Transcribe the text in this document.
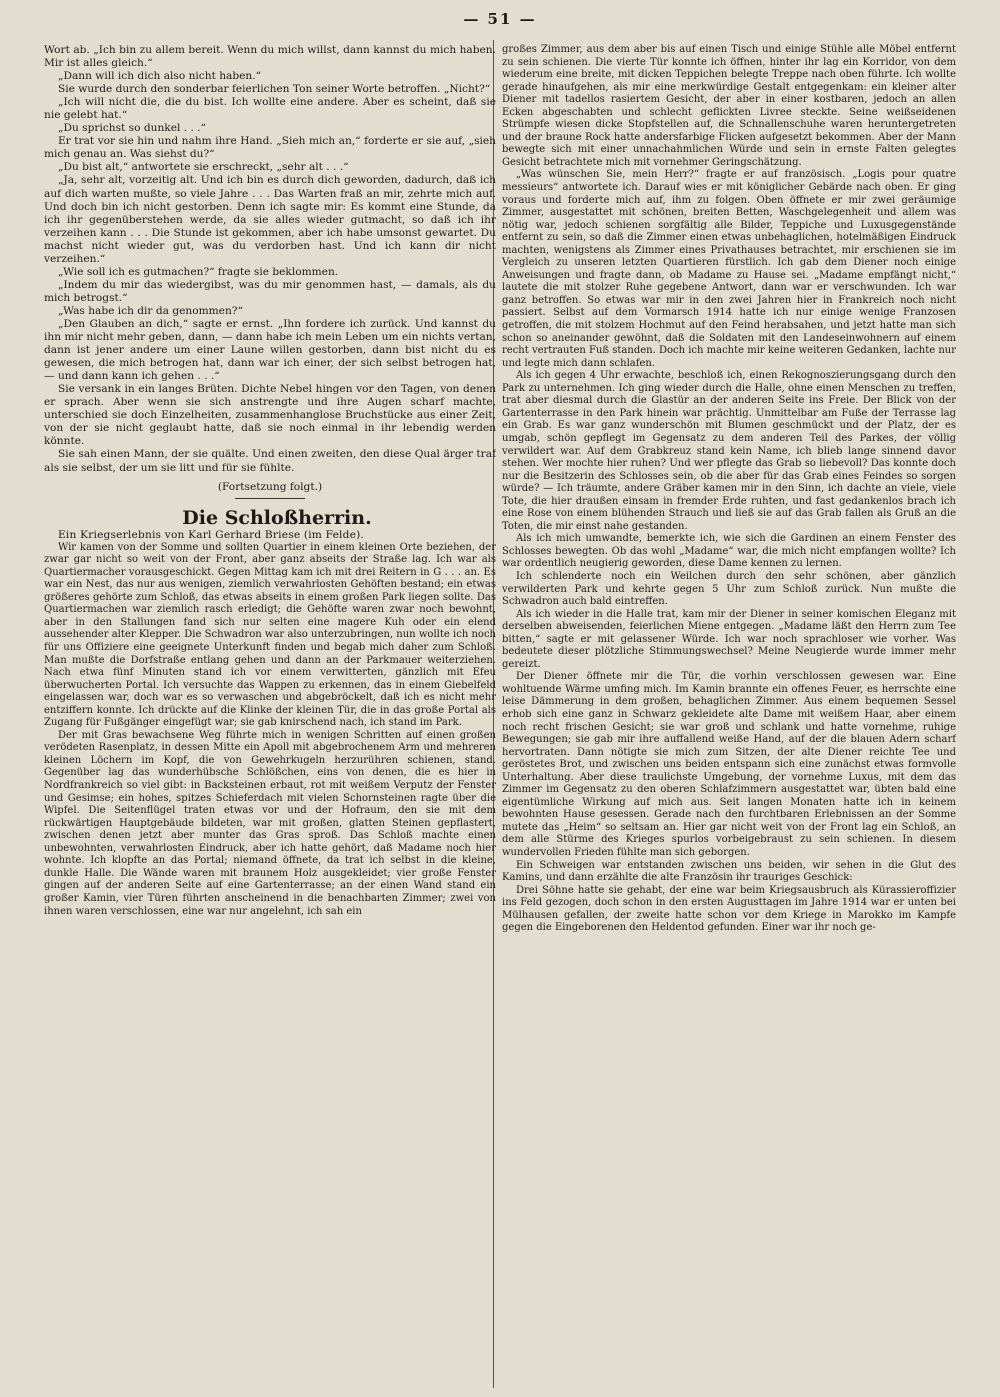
— 51 —

Wort ab. „Ich bin zu allem bereit. Wenn du mich willst, dann kannst du mich haben. Mir ist alles gleich.“

„Dann will ich dich also nicht haben.“

Sie wurde durch den sonderbar feierlichen Ton seiner Worte betroffen. „Nicht?“

„Ich will nicht die, die du bist. Ich wollte eine andere. Aber es scheint, daß sie nie gelebt hat.“

„Du sprichst so dunkel . . .“

Er trat vor sie hin und nahm ihre Hand. „Sieh mich an,“ forderte er sie auf, „sieh mich genau an. Was siehst du?“

„Du bist alt,“ antwortete sie erschreckt, „sehr alt . . .“

„Ja, sehr alt, vorzeitig alt. Und ich bin es durch dich geworden, dadurch, daß ich auf dich warten mußte, so viele Jahre . . . Das Warten fraß an mir, zehrte mich auf. Und doch bin ich nicht gestorben. Denn ich sagte mir: Es kommt eine Stunde, da ich ihr gegenüberstehen werde, da sie alles wieder gutmacht, so daß ich ihr verzeihen kann . . . Die Stunde ist gekommen, aber ich habe umsonst gewartet. Du machst nicht wieder gut, was du verdorben hast. Und ich kann dir nicht verzeihen.“

„Wie soll ich es gutmachen?“ fragte sie beklommen.

„Indem du mir das wiedergibst, was du mir genommen hast, — damals, als du mich betrogst.“

„Was habe ich dir da genommen?“

„Den Glauben an dich,“ sagte er ernst. „Ihn fordere ich zurück. Und kannst du ihn mir nicht mehr geben, dann, — dann habe ich mein Leben um ein nichts vertan, dann ist jener andere um einer Laune willen gestorben, dann bist nicht du es gewesen, die mich betrogen hat, dann war ich einer, der sich selbst betrogen hat, — und dann kann ich gehen . . .“

Sie versank in ein langes Brüten. Dichte Nebel hingen vor den Tagen, von denen er sprach. Aber wenn sie sich anstrengte und ihre Augen scharf machte, unterschied sie doch Einzelheiten, zusammenhanglose Bruchstücke aus einer Zeit, von der sie nicht geglaubt hatte, daß sie noch einmal in ihr lebendig werden könnte.

Sie sah einen Mann, der sie quälte. Und einen zweiten, den diese Qual ärger traf als sie selbst, der um sie litt und für sie fühlte.

(Fortsetzung folgt.)

Die Schloßherrin.

Ein Kriegserlebnis von Karl Gerhard Briese (im Felde).

Wir kamen von der Somme und sollten Quartier in einem kleinen Orte beziehen, der zwar gar nicht so weit von der Front, aber ganz abseits der Straße lag. Ich war als Quartiermacher vorausgeschickt. Gegen Mittag kam ich mit drei Reitern in G . . . an. Es war ein Nest, das nur aus wenigen, ziemlich verwahrlosten Gehöften bestand; ein etwas größeres gehörte zum Schloß, das etwas abseits in einem großen Park liegen sollte. Das Quartiermachen war ziemlich rasch erledigt; die Gehöfte waren zwar noch bewohnt, aber in den Stallungen fand sich nur selten eine magere Kuh oder ein elend aussehender alter Klepper. Die Schwadron war also unterzubringen, nun wollte ich noch für uns Offiziere eine geeignete Unterkunft finden und begab mich daher zum Schloß. Man mußte die Dorfstraße entlang gehen und dann an der Parkmauer weiterziehen. Nach etwa fünf Minuten stand ich vor einem verwitterten, gänzlich mit Efeu überwucherten Portal. Ich versuchte das Wappen zu erkennen, das in einem Giebelfeld eingelassen war, doch war es so verwaschen und abgebröckelt, daß ich es nicht mehr entziffern konnte. Ich drückte auf die Klinke der kleinen Tür, die in das große Portal als Zugang für Fußgänger eingefügt war; sie gab knirschend nach, ich stand im Park.

Der mit Gras bewachsene Weg führte mich in wenigen Schritten auf einen großen verödeten Rasenplatz, in dessen Mitte ein Apoll mit abgebrochenem Arm und mehreren kleinen Löchern im Kopf, die von Gewehrkugeln herzurühren schienen, stand. Gegenüber lag das wunderhübsche Schlößchen, eins von denen, die es hier in Nordfrankreich so viel gibt: in Backsteinen erbaut, rot mit weißem Verputz der Fenster und Gesimse; ein hohes, spitzes Schieferdach mit vielen Schornsteinen ragte über die Wipfel. Die Seitenflügel traten etwas vor und der Hofraum, den sie mit dem rückwärtigen Hauptgebäude bildeten, war mit großen, glatten Steinen gepflastert, zwischen denen jetzt aber munter das Gras sproß. Das Schloß machte einen unbewohnten, verwahrlosten Eindruck, aber ich hatte gehört, daß Madame noch hier wohnte. Ich klopfte an das Portal; niemand öffnete, da trat ich selbst in die kleine, dunkle Halle. Die Wände waren mit braunem Holz ausgekleidet; vier große Fenster gingen auf der anderen Seite auf eine Gartenterrasse; an der einen Wand stand ein großer Kamin, vier Türen führten anscheinend in die benachbarten Zimmer; zwei von ihnen waren verschlossen, eine war nur angelehnt, ich sah ein

großes Zimmer, aus dem aber bis auf einen Tisch und einige Stühle alle Möbel entfernt zu sein schienen. Die vierte Tür konnte ich öffnen, hinter ihr lag ein Korridor, von dem wiederum eine breite, mit dicken Teppichen belegte Treppe nach oben führte. Ich wollte gerade hinaufgehen, als mir eine merkwürdige Gestalt entgegenkam: ein kleiner alter Diener mit tadellos rasiertem Gesicht, der aber in einer kostbaren, jedoch an allen Ecken abgeschabten und schlecht geflickten Livree steckte. Seine weißseidenen Strümpfe wiesen dicke Stopfstellen auf, die Schnallenschuhe waren heruntergetreten und der braune Rock hatte andersfarbige Flicken aufgesetzt bekommen. Aber der Mann bewegte sich mit einer unnachahmlichen Würde und sein in ernste Falten gelegtes Gesicht betrachtete mich mit vornehmer Geringschätzung.

„Was wünschen Sie, mein Herr?“ fragte er auf französisch. „Logis pour quatre messieurs“ antwortete ich. Darauf wies er mit königlicher Gebärde nach oben. Er ging voraus und forderte mich auf, ihm zu folgen. Oben öffnete er mir zwei geräumige Zimmer, ausgestattet mit schönen, breiten Betten, Waschgelegenheit und allem was nötig war, jedoch schienen sorgfältig alle Bilder, Teppiche und Luxusgegenstände entfernt zu sein, so daß die Zimmer einen etwas unbehaglichen, hotelmäßigen Eindruck machten, wenigstens als Zimmer eines Privathauses betrachtet, mir erschienen sie im Vergleich zu unseren letzten Quartieren fürstlich. Ich gab dem Diener noch einige Anweisungen und fragte dann, ob Madame zu Hause sei. „Madame empfängt nicht,“ lautete die mit stolzer Ruhe gegebene Antwort, dann war er verschwunden. Ich war ganz betroffen. So etwas war mir in den zwei Jahren hier in Frankreich noch nicht passiert. Selbst auf dem Vormarsch 1914 hatte ich nur einige wenige Franzosen getroffen, die mit stolzem Hochmut auf den Feind herabsahen, und jetzt hatte man sich schon so aneinander gewöhnt, daß die Soldaten mit den Landeseinwohnern auf einem recht vertrauten Fuß standen. Doch ich machte mir keine weiteren Gedanken, lachte nur und legte mich dann schlafen.

Als ich gegen 4 Uhr erwachte, beschloß ich, einen Rekognoszierungsgang durch den Park zu unternehmen. Ich ging wieder durch die Halle, ohne einen Menschen zu treffen, trat aber diesmal durch die Glastür an der anderen Seite ins Freie. Der Blick von der Gartenterrasse in den Park hinein war prächtig. Unmittelbar am Fuße der Terrasse lag ein Grab. Es war ganz wunderschön mit Blumen geschmückt und der Platz, der es umgab, schön gepflegt im Gegensatz zu dem anderen Teil des Parkes, der völlig verwildert war. Auf dem Grabkreuz stand kein Name, ich blieb lange sinnend davor stehen. Wer mochte hier ruhen? Und wer pflegte das Grab so liebevoll? Das konnte doch nur die Besitzerin des Schlosses sein, ob die aber für das Grab eines Feindes so sorgen würde? — Ich träumte, andere Gräber kamen mir in den Sinn, ich dachte an viele, viele Tote, die hier draußen einsam in fremder Erde ruhten, und fast gedankenlos brach ich eine Rose von einem blühenden Strauch und ließ sie auf das Grab fallen als Gruß an die Toten, die mir einst nahe gestanden.

Als ich mich umwandte, bemerkte ich, wie sich die Gardinen an einem Fenster des Schlosses bewegten. Ob das wohl „Madame“ war, die mich nicht empfangen wollte? Ich war ordentlich neugierig geworden, diese Dame kennen zu lernen.

Ich schlenderte noch ein Weilchen durch den sehr schönen, aber gänzlich verwilderten Park und kehrte gegen 5 Uhr zum Schloß zurück. Nun mußte die Schwadron auch bald eintreffen.

Als ich wieder in die Halle trat, kam mir der Diener in seiner komischen Eleganz mit derselben abweisenden, feierlichen Miene entgegen. „Madame läßt den Herrn zum Tee bitten,“ sagte er mit gelassener Würde. Ich war noch sprachloser wie vorher. Was bedeutete dieser plötzliche Stimmungswechsel? Meine Neugierde wurde immer mehr gereizt.

Der Diener öffnete mir die Tür, die vorhin verschlossen gewesen war. Eine wohltuende Wärme umfing mich. Im Kamin brannte ein offenes Feuer, es herrschte eine leise Dämmerung in dem großen, behaglichen Zimmer. Aus einem bequemen Sessel erhob sich eine ganz in Schwarz gekleidete alte Dame mit weißem Haar, aber einem noch recht frischen Gesicht; sie war groß und schlank und hatte vornehme, ruhige Bewegungen; sie gab mir ihre auffallend weiße Hand, auf der die blauen Adern scharf hervortraten. Dann nötigte sie mich zum Sitzen, der alte Diener reichte Tee und geröstetes Brot, und zwischen uns beiden entspann sich eine zunächst etwas formvolle Unterhaltung. Aber diese traulichste Umgebung, der vornehme Luxus, mit dem das Zimmer im Gegensatz zu den oberen Schlafzimmern ausgestattet war, übten bald eine eigentümliche Wirkung auf mich aus. Seit langen Monaten hatte ich in keinem bewohnten Hause gesessen. Gerade nach den furchtbaren Erlebnissen an der Somme mutete das „Heim“ so seltsam an. Hier gar nicht weit von der Front lag ein Schloß, an dem alle Stürme des Krieges spurlos vorbeigebraust zu sein schienen. In diesem wundervollen Frieden fühlte man sich geborgen.

Ein Schweigen war entstanden zwischen uns beiden, wir sehen in die Glut des Kamins, und dann erzählte die alte Französin ihr trauriges Geschick:

Drei Söhne hatte sie gehabt, der eine war beim Kriegsausbruch als Kürassieroffizier ins Feld gezogen, doch schon in den ersten Augusttagen im Jahre 1914 war er unten bei Mülhausen gefallen, der zweite hatte schon vor dem Kriege in Marokko im Kampfe gegen die Eingeborenen den Heldentod gefunden. Einer war ihr noch ge-
